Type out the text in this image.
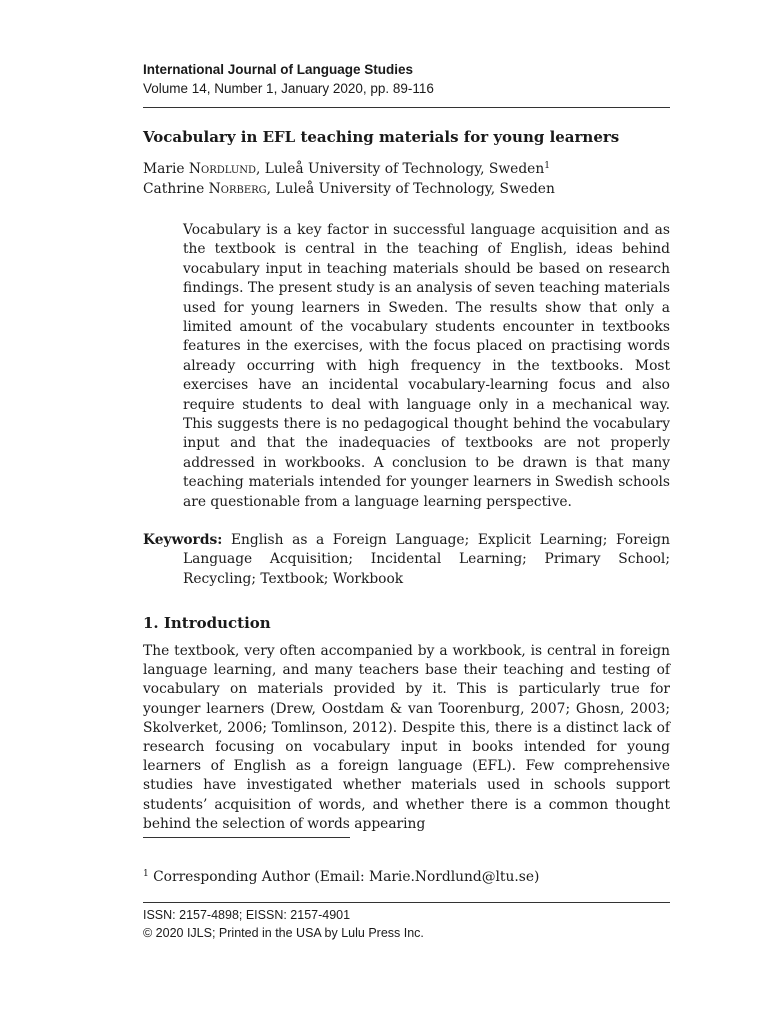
International Journal of Language Studies
Volume 14, Number 1, January 2020, pp. 89-116
Vocabulary in EFL teaching materials for young learners
Marie Nordlund, Luleå University of Technology, Sweden$^1$
Cathrine Norberg, Luleå University of Technology, Sweden

Vocabulary is a key factor in successful language acquisition and as the textbook is central in the teaching of English, ideas behind vocabulary input in teaching materials should be based on research findings. The present study is an analysis of seven teaching materials used for young learners in Sweden. The results show that only a limited amount of the vocabulary students encounter in textbooks features in the exercises, with the focus placed on practising words already occurring with high frequency in the textbooks. Most exercises have an incidental vocabulary-learning focus and also require students to deal with language only in a mechanical way. This suggests there is no pedagogical thought behind the vocabulary input and that the inadequacies of textbooks are not properly addressed in workbooks. A conclusion to be drawn is that many teaching materials intended for younger learners in Swedish schools are questionable from a language learning perspective.

Keywords: English as a Foreign Language; Explicit Learning; Foreign Language Acquisition; Incidental Learning; Primary School; Recycling; Textbook; Workbook

1. Introduction

The textbook, very often accompanied by a workbook, is central in foreign language learning, and many teachers base their teaching and testing of vocabulary on materials provided by it. This is particularly true for younger learners (Drew, Oostdam & van Toorenburg, 2007; Ghosn, 2003; Skolverket, 2006; Tomlinson, 2012). Despite this, there is a distinct lack of research focusing on vocabulary input in books intended for young learners of English as a foreign language (EFL). Few comprehensive studies have investigated whether materials used in schools support students’ acquisition of words, and whether there is a common thought behind the selection of words appearing

$^1$ Corresponding Author (Email: Marie.Nordlund@ltu.se)

ISSN: 2157-4898; EISSN: 2157-4901
© 2020 IJLS; Printed in the USA by Lulu Press Inc.
